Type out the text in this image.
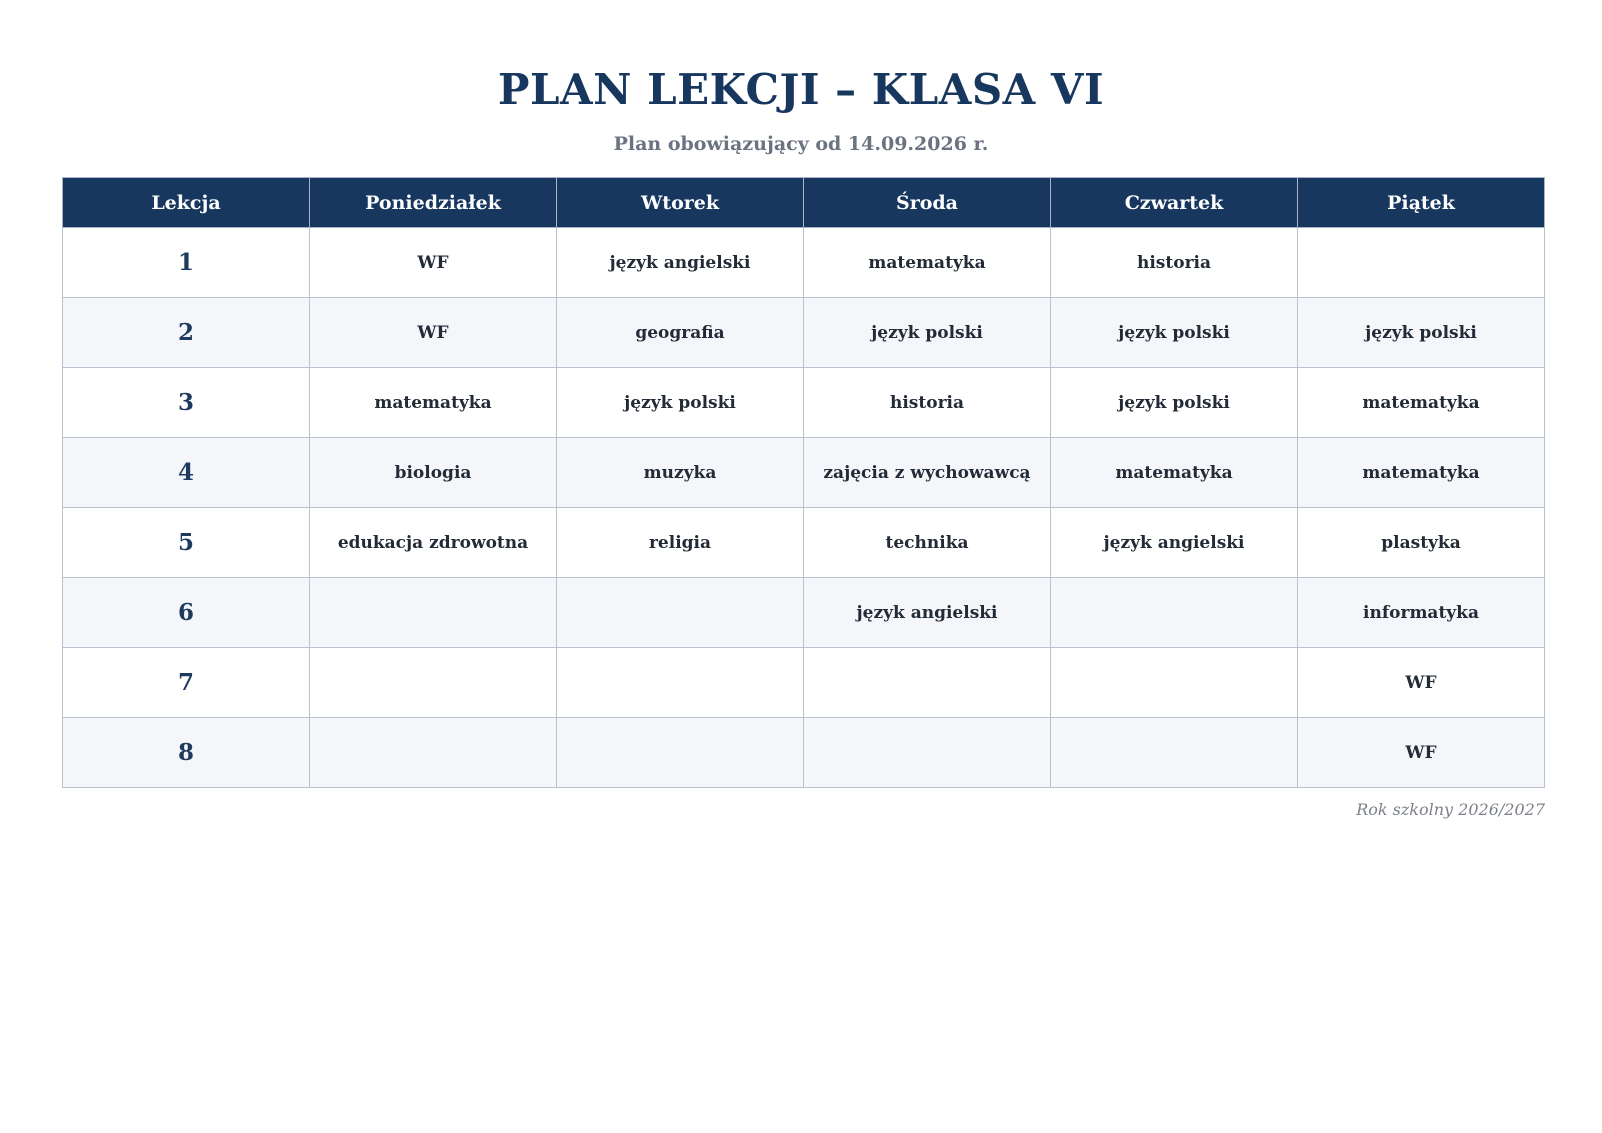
PLAN LEKCJI – KLASA VI
Plan obowiązujący od 14.09.2026 r.
Lekcja	Poniedziałek	Wtorek	Środa	Czwartek	Piątek
1	WF	język angielski	matematyka	historia	
2	WF	geografia	język polski	język polski	język polski
3	matematyka	język polski	historia	język polski	matematyka
4	biologia	muzyka	zajęcia z wychowawcą	matematyka	matematyka
5	edukacja zdrowotna	religia	technika	język angielski	plastyka
6			język angielski		informatyka
7					WF
8					WF
Rok szkolny 2026/2027
